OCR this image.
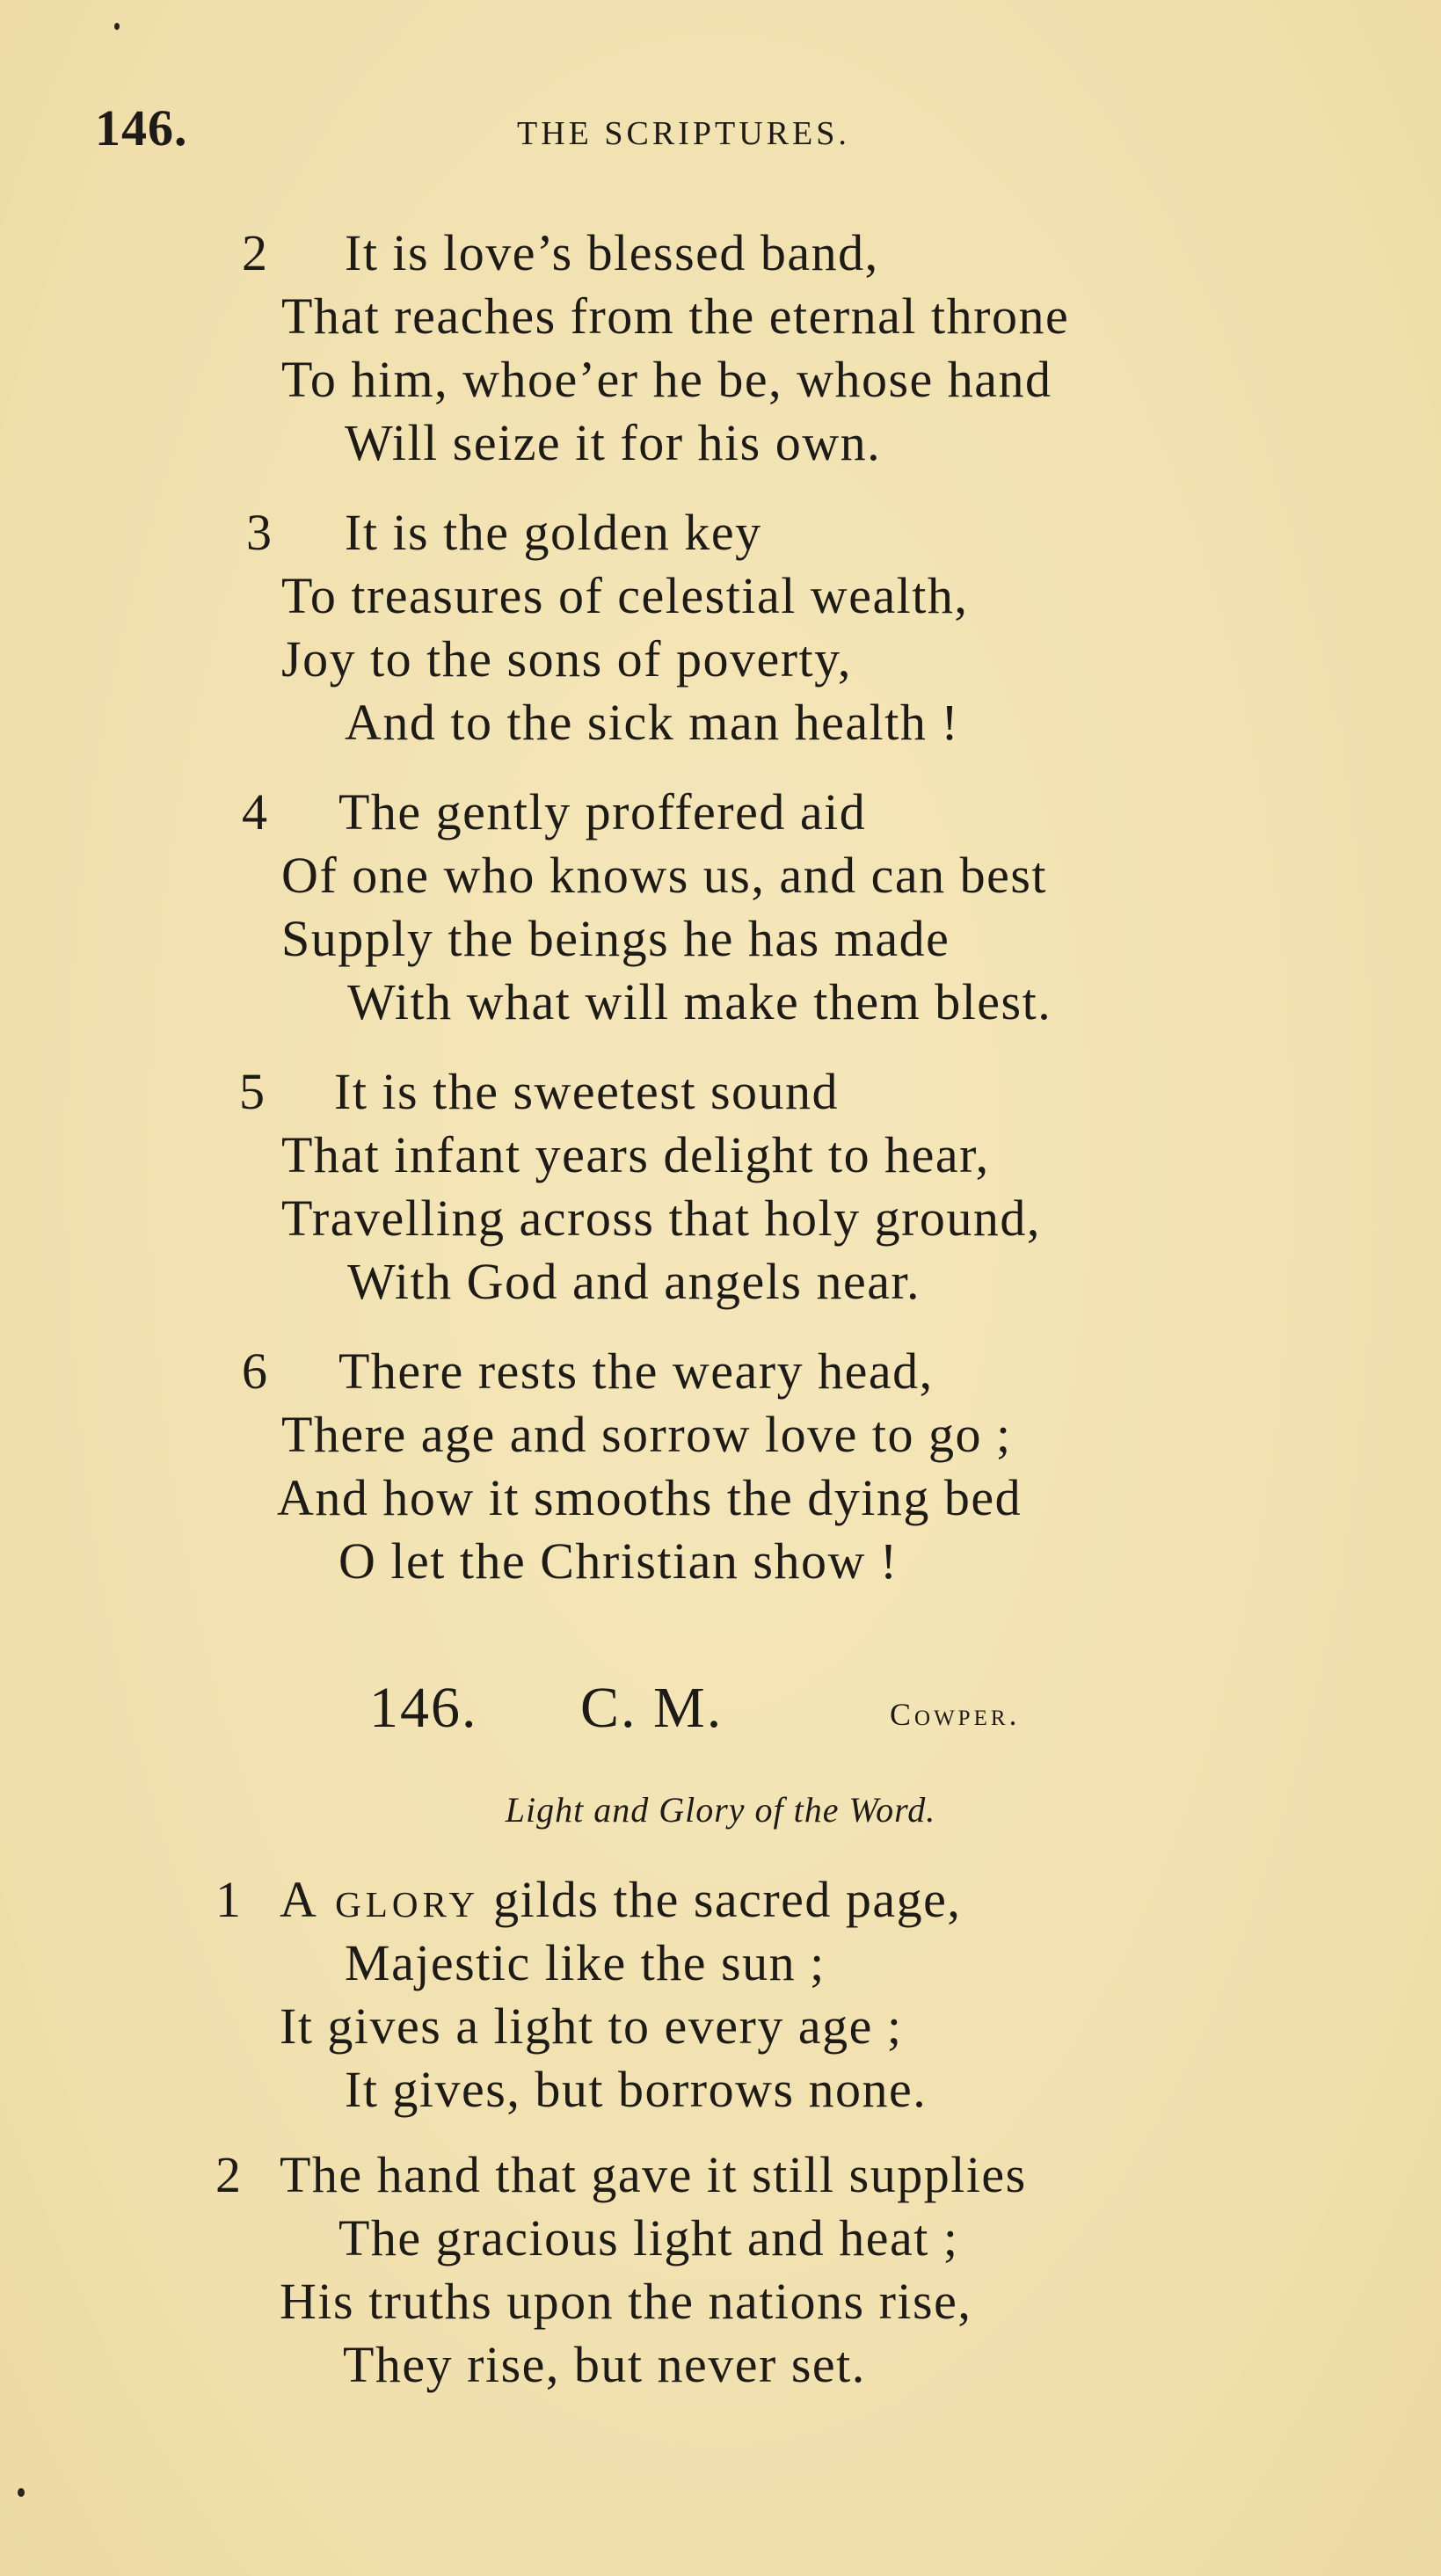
146.	THE SCRIPTURES.
2 It is love’s blessed band,
That reaches from the eternal throne
To him, whoe’er he be, whose hand
Will seize it for his own.
3 It is the golden key
To treasures of celestial wealth,
Joy to the sons of poverty,
And to the sick man health !
4 The gently proffered aid
Of one who knows us, and can best
Supply the beings he has made
With what will make them blest.
5 It is the sweetest sound
That infant years delight to hear,
Travelling across that holy ground,
With God and angels near.
6 There rests the weary head,
There age and sorrow love to go ;
And how it smooths the dying bed
O let the Christian show !
146. C. M.	Cowper.
Light and Glory of the Word.
1 A glory gilds the sacred page,
Majestic like the sun ;
It gives a light to every age ;
It gives, but borrows none.
2 The hand that gave it still supplies
The gracious light and heat ;
His truths upon the nations rise,
They rise, but never set.
